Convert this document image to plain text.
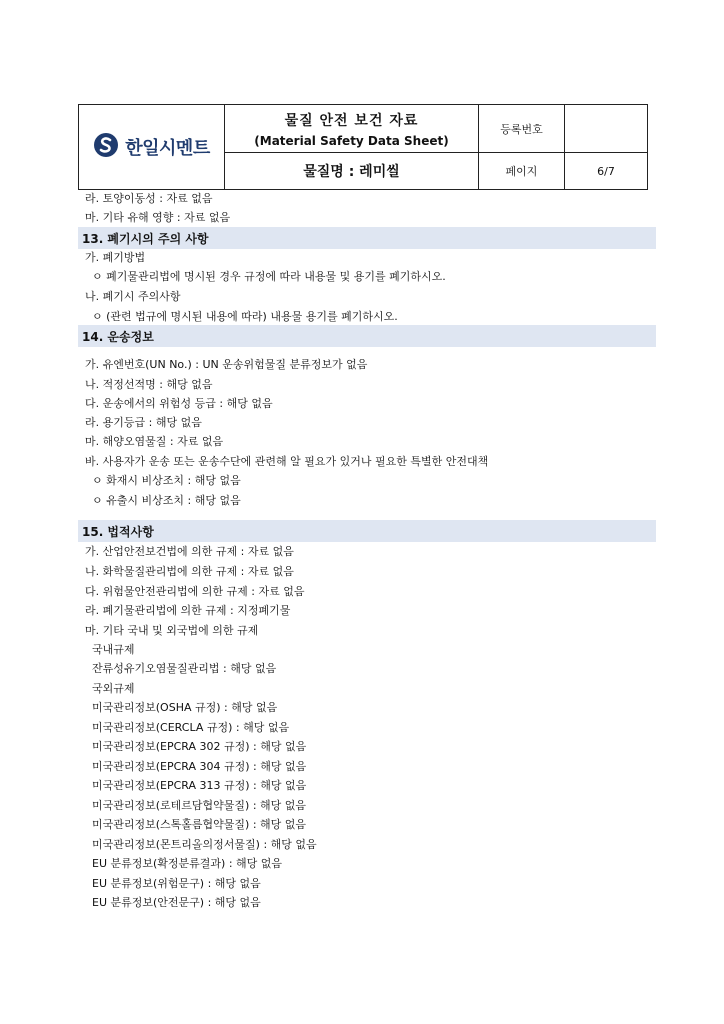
한일시멘트
물질 안전 보건 자료
(Material Safety Data Sheet)
등록번호
물질명 : 레미씰	페이지	6/7
라. 토양이동성 : 자료 없음
마. 기타 유해 영향 : 자료 없음
13. 폐기시의 주의 사항
가. 폐기방법
ㅇ 폐기물관리법에 명시된 경우 규정에 따라 내용물 및 용기를 폐기하시오.
나. 폐기시 주의사항
ㅇ (관련 법규에 명시된 내용에 따라) 내용물 용기를 폐기하시오.
14. 운송정보
가. 유엔번호(UN No.) : UN 운송위험물질 분류정보가 없음
나. 적정선적명 : 해당 없음
다. 운송에서의 위험성 등급 : 해당 없음
라. 용기등급 : 해당 없음
마. 해양오염물질 : 자료 없음
바. 사용자가 운송 또는 운송수단에 관련해 알 필요가 있거나 필요한 특별한 안전대책
ㅇ 화재시 비상조치 : 해당 없음
ㅇ 유출시 비상조치 : 해당 없음
15. 법적사항
가. 산업안전보건법에 의한 규제 : 자료 없음
나. 화학물질관리법에 의한 규제 : 자료 없음
다. 위험물안전관리법에 의한 규제 : 자료 없음
라. 폐기물관리법에 의한 규제 : 지정폐기물
마. 기타 국내 및 외국법에 의한 규제
국내규제
잔류성유기오염물질관리법 : 해당 없음
국외규제
미국관리정보(OSHA 규정) : 해당 없음
미국관리정보(CERCLA 규정) : 해당 없음
미국관리정보(EPCRA 302 규정) : 해당 없음
미국관리정보(EPCRA 304 규정) : 해당 없음
미국관리정보(EPCRA 313 규정) : 해당 없음
미국관리정보(로테르담협약물질) : 해당 없음
미국관리정보(스톡홀름협약물질) : 해당 없음
미국관리정보(몬트리올의정서물질) : 해당 없음
EU 분류정보(확정분류결과) : 해당 없음
EU 분류정보(위험문구) : 해당 없음
EU 분류정보(안전문구) : 해당 없음
